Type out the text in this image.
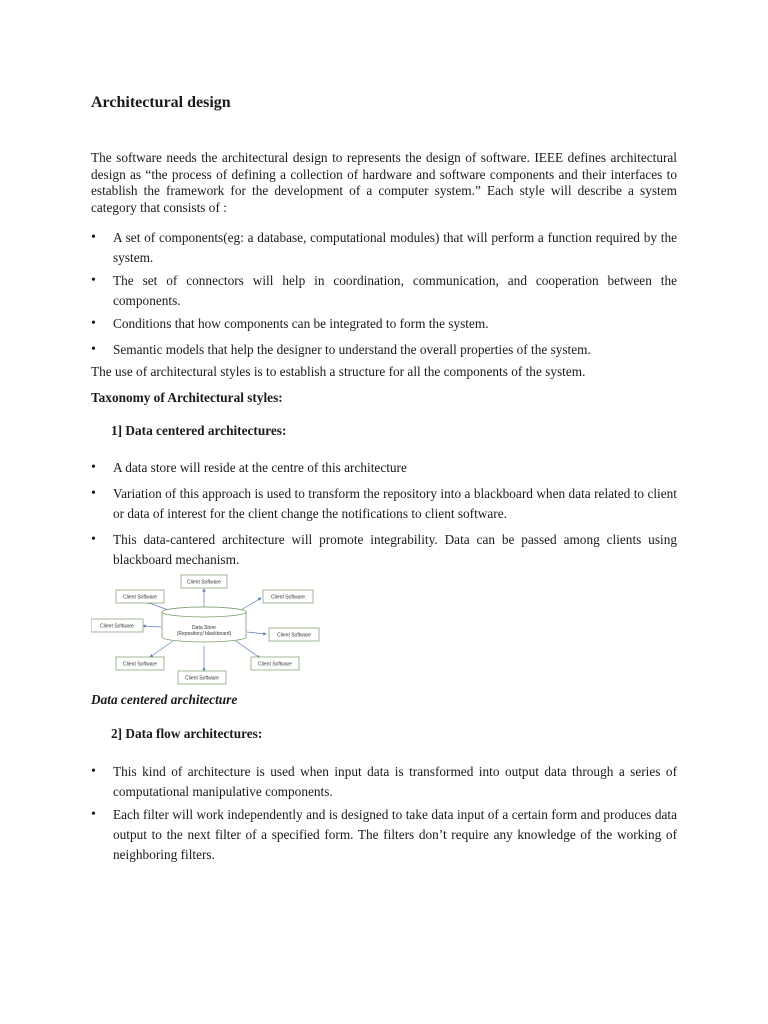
Architectural design

The software needs the architectural design to represents the design of software. IEEE defines architectural design as “the process of defining a collection of hardware and software components and their interfaces to establish the framework for the development of a computer system.” Each style will describe a system category that consists of :

• A set of components(eg: a database, computational modules) that will perform a function required by the system.
• The set of connectors will help in coordination, communication, and cooperation between the components.
• Conditions that how components can be integrated to form the system.
• Semantic models that help the designer to understand the overall properties of the system.

The use of architectural styles is to establish a structure for all the components of the system.

Taxonomy of Architectural styles:

1] Data centered architectures:

• A data store will reside at the centre of this architecture
• Variation of this approach is used to transform the repository into a blackboard when data related to client or data of interest for the client change the notifications to client software.
• This data-cantered architecture will promote integrability. Data can be passed among clients using blackboard mechanism.
Data Store
(Repository/ blackboard)
Client Software
Client Software	Client Software
Client Software
Client Software
Client Software	Client Software
Client Software

Data centered architecture

2] Data flow architectures:

• This kind of architecture is used when input data is transformed into output data through a series of computational manipulative components.
• Each filter will work independently and is designed to take data input of a certain form and produces data output to the next filter of a specified form. The filters don’t require any knowledge of the working of neighboring filters.
